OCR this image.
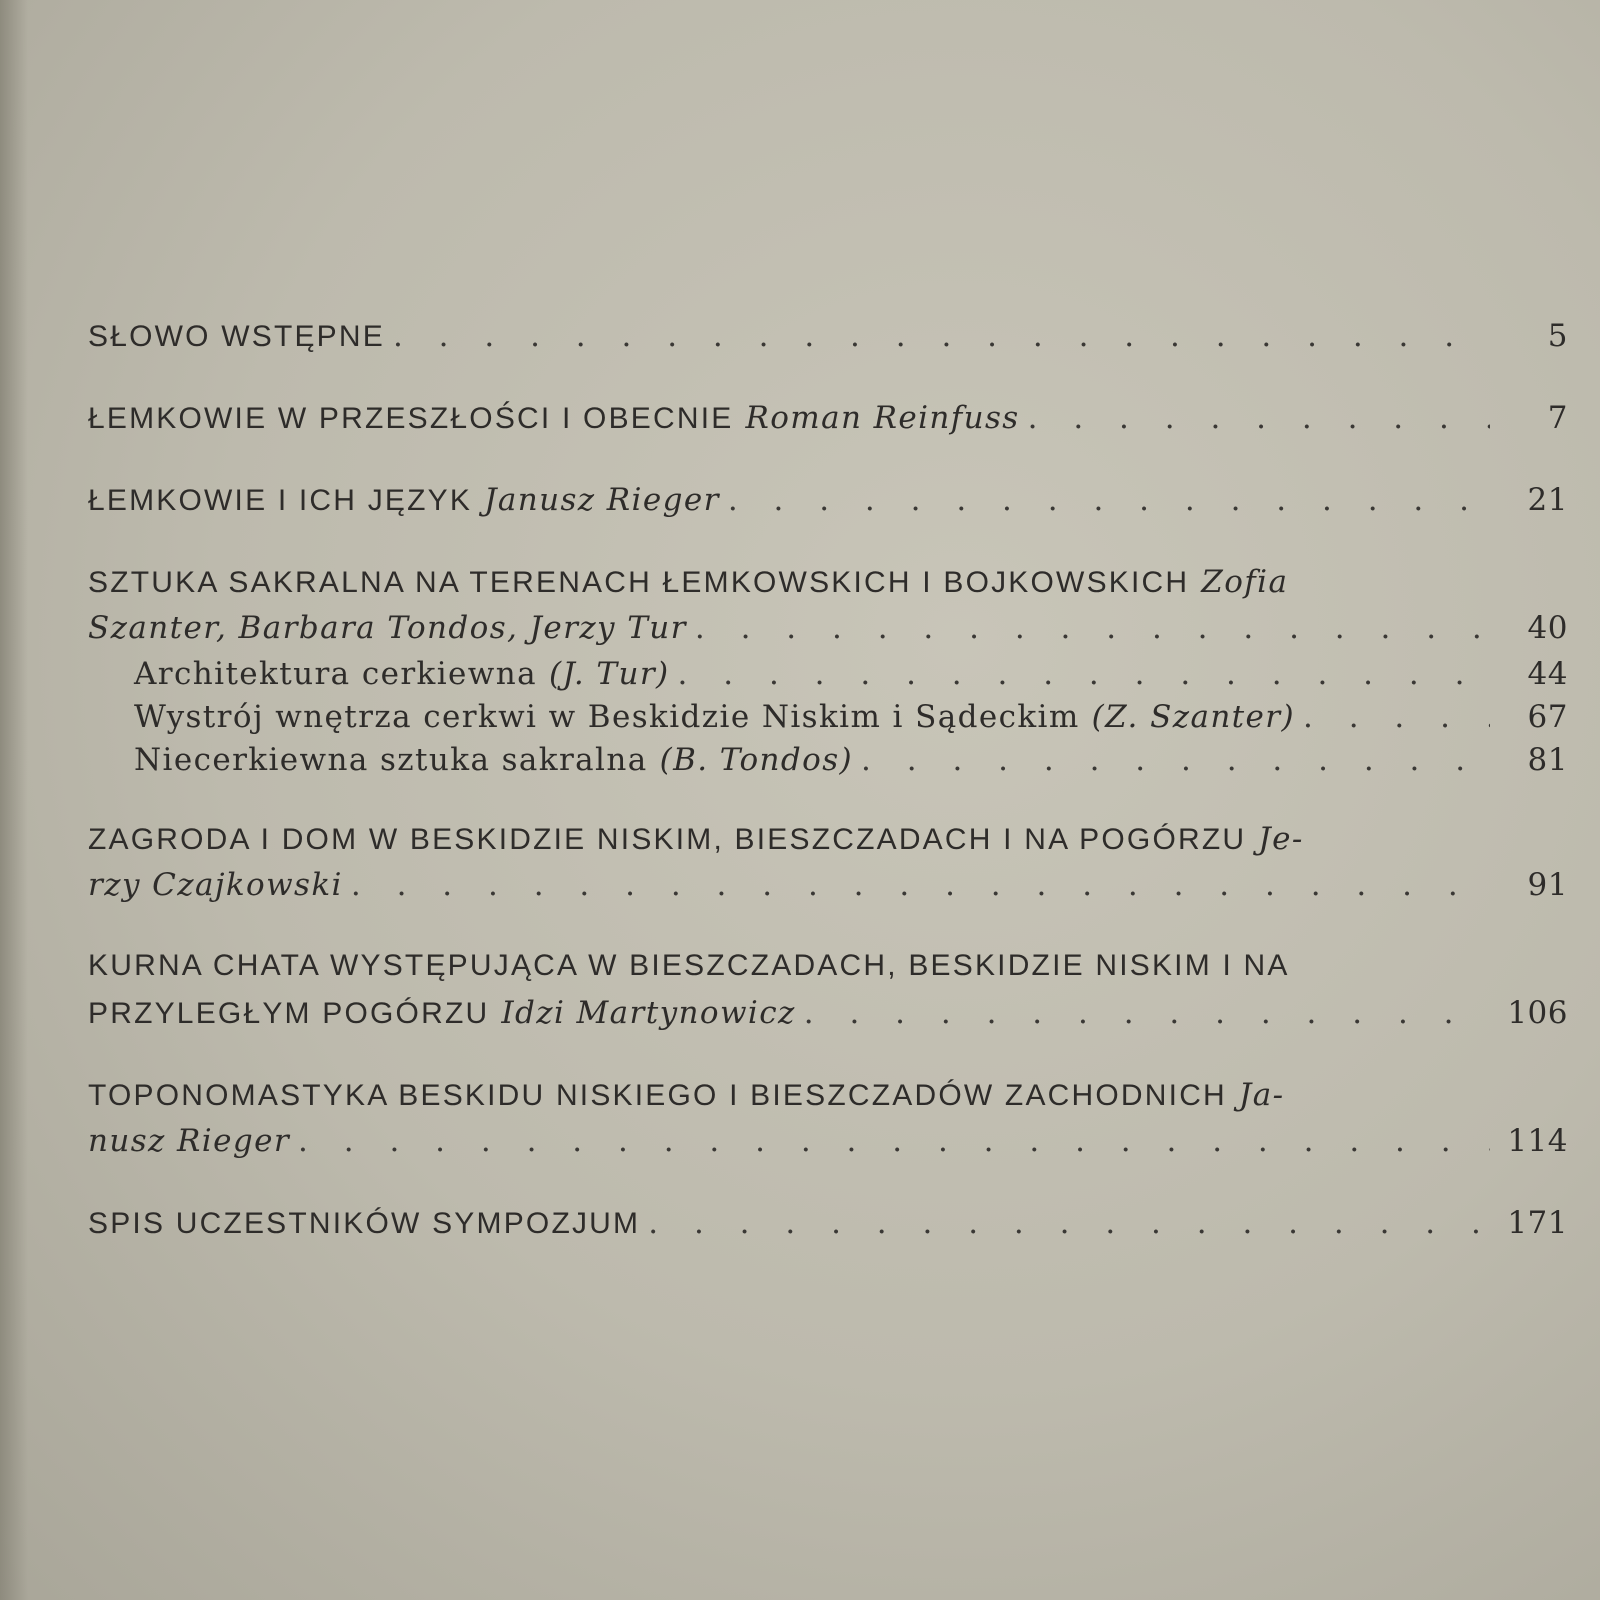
SŁOWO WSTĘPNE . . .	5
ŁEMKOWIE W PRZESZŁOŚCI I OBECNIE Roman Reinfuss . . .	7
ŁEMKOWIE I ICH JĘZYK Janusz Rieger . . .	21
SZTUKA SAKRALNA NA TERENACH ŁEMKOWSKICH I BOJKOWSKICH Zofia
Szanter, Barbara Tondos, Jerzy Tur . . .	40
Architektura cerkiewna (J. Tur) . . .	44
Wystrój wnętrza cerkwi w Beskidzie Niskim i Sądeckim (Z. Szanter) . . .	67
Niecerkiewna sztuka sakralna (B. Tondos) . . .	81
ZAGRODA I DOM W BESKIDZIE NISKIM, BIESZCZADACH I NA POGÓRZU Je-
rzy Czajkowski . . .	91
KURNA CHATA WYSTĘPUJĄCA W BIESZCZADACH, BESKIDZIE NISKIM I NA
PRZYLEGŁYM POGÓRZU Idzi Martynowicz . . .	106
TOPONOMASTYKA BESKIDU NISKIEGO I BIESZCZADÓW ZACHODNICH Ja-
nusz Rieger . . .	114
SPIS UCZESTNIKÓW SYMPOZJUM . . .	171
